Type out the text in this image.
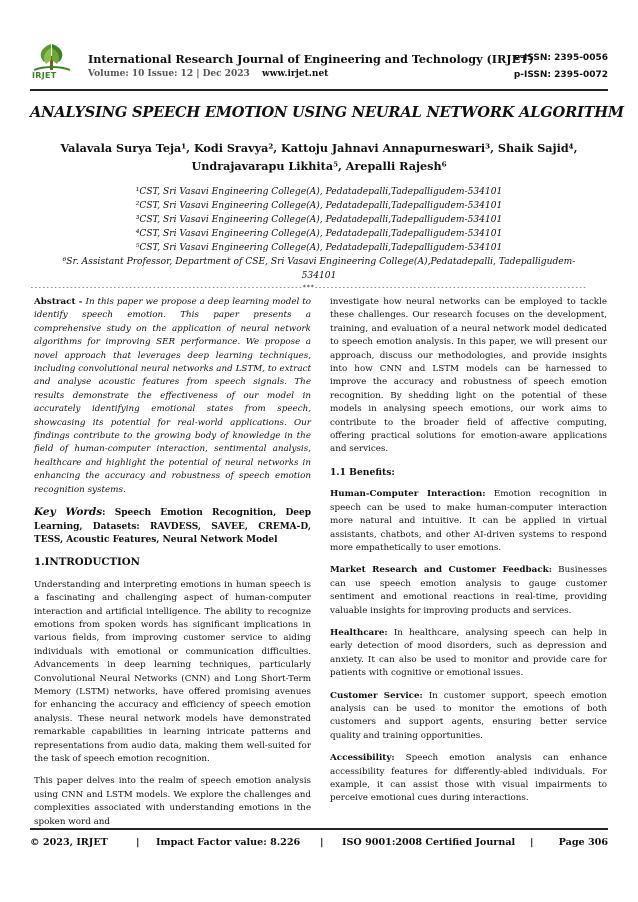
IRJET
International Research Journal of Engineering and Technology (IRJET)
e-ISSN: 2395-0056
Volume: 10 Issue: 12 | Dec 2023 www.irjet.net	p-ISSN: 2395-0072
ANALYSING SPEECH EMOTION USING NEURAL NETWORK ALGORITHM
Valavala Surya Teja¹, Kodi Sravya², Kattoju Jahnavi Annapurneswari³, Shaik Sajid⁴,
Undrajavarapu Likhita⁵, Arepalli Rajesh⁶
¹CST, Sri Vasavi Engineering College(A), Pedatadepalli,Tadepalligudem-534101
²CST, Sri Vasavi Engineering College(A), Pedatadepalli,Tadepalligudem-534101
³CST, Sri Vasavi Engineering College(A), Pedatadepalli,Tadepalligudem-534101
⁴CST, Sri Vasavi Engineering College(A), Pedatadepalli,Tadepalligudem-534101
⁵CST, Sri Vasavi Engineering College(A), Pedatadepalli,Tadepalligudem-534101
⁶Sr. Assistant Professor, Department of CSE, Sri Vasavi Engineering College(A),Pedatadepalli, Tadepalligudem-
534101
---------------------------------------------------------------------***---------------------------------------------------------------------

Abstract - In this paper we propose a deep learning model to identify speech emotion. This paper presents a comprehensive study on the application of neural network algorithms for improving SER performance. We propose a novel approach that leverages deep learning techniques, including convolutional neural networks and LSTM, to extract and analyse acoustic features from speech signals. The results demonstrate the effectiveness of our model in accurately identifying emotional states from speech, showcasing its potential for real-world applications. Our findings contribute to the growing body of knowledge in the field of human-computer interaction, sentimental analysis, healthcare and highlight the potential of neural networks in enhancing the accuracy and robustness of speech emotion recognition systems.

Key Words: Speech Emotion Recognition, Deep Learning, Datasets: RAVDESS, SAVEE, CREMA-D, TESS, Acoustic Features, Neural Network Model

1.INTRODUCTION

Understanding and interpreting emotions in human speech is a fascinating and challenging aspect of human-computer interaction and artificial intelligence. The ability to recognize emotions from spoken words has significant implications in various fields, from improving customer service to aiding individuals with emotional or communication difficulties. Advancements in deep learning techniques, particularly Convolutional Neural Networks (CNN) and Long Short-Term Memory (LSTM) networks, have offered promising avenues for enhancing the accuracy and efficiency of speech emotion analysis. These neural network models have demonstrated remarkable capabilities in learning intricate patterns and representations from audio data, making them well-suited for the task of speech emotion recognition.

This paper delves into the realm of speech emotion analysis using CNN and LSTM models. We explore the challenges and complexities associated with understanding emotions in the spoken word and

investigate how neural networks can be employed to tackle these challenges. Our research focuses on the development, training, and evaluation of a neural network model dedicated to speech emotion analysis. In this paper, we will present our approach, discuss our methodologies, and provide insights into how CNN and LSTM models can be harnessed to improve the accuracy and robustness of speech emotion recognition. By shedding light on the potential of these models in analysing speech emotions, our work aims to contribute to the broader field of affective computing, offering practical solutions for emotion-aware applications and services.

1.1 Benefits:

Human-Computer Interaction: Emotion recognition in speech can be used to make human-computer interaction more natural and intuitive. It can be applied in virtual assistants, chatbots, and other AI-driven systems to respond more empathetically to user emotions.

Market Research and Customer Feedback: Businesses can use speech emotion analysis to gauge customer sentiment and emotional reactions in real-time, providing valuable insights for improving products and services.

Healthcare: In healthcare, analysing speech can help in early detection of mood disorders, such as depression and anxiety. It can also be used to monitor and provide care for patients with cognitive or emotional issues.

Customer Service: In customer support, speech emotion analysis can be used to monitor the emotions of both customers and support agents, ensuring better service quality and training opportunities.

Accessibility: Speech emotion analysis can enhance accessibility features for differently-abled individuals. For example, it can assist those with visual impairments to perceive emotional cues during interactions.

© 2023, IRJET	| Impact Factor value: 8.226 | ISO 9001:2008 Certified Journal |	Page 306
